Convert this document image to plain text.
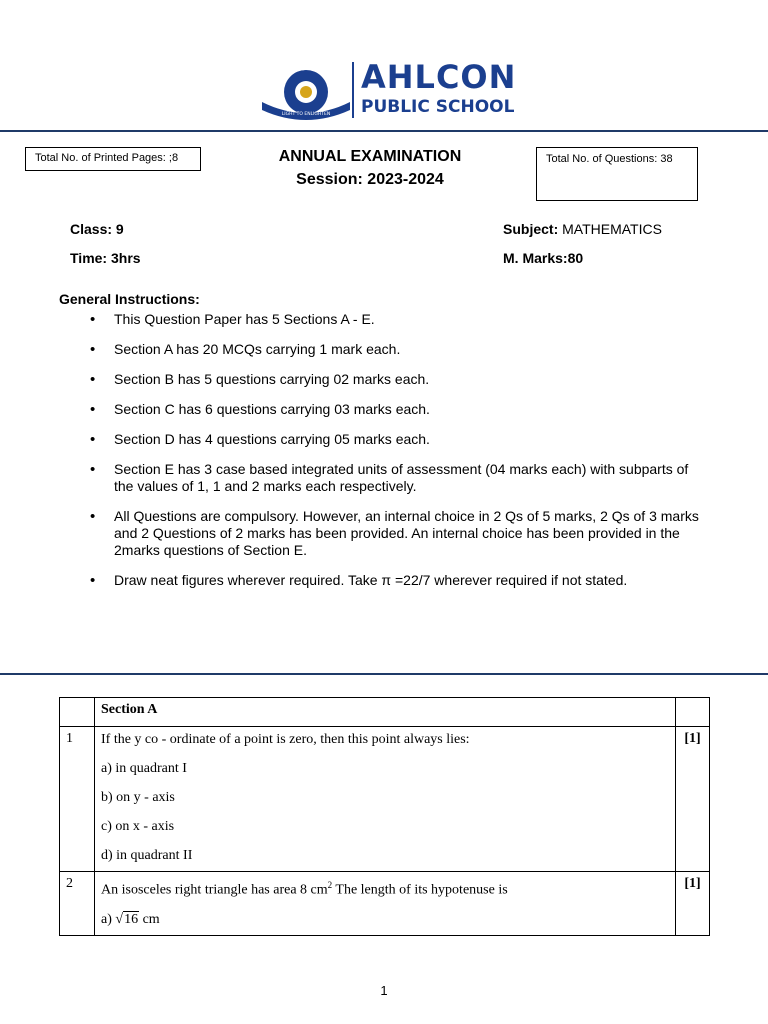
AHLCON PUBLIC SCHOOL
LIGHT TO ENLIGHTEN
AHLCON
PUBLIC SCHOOL
Total No. of Printed Pages: ;8	Total No. of Questions: 38
ANNUAL EXAMINATION
Session: 2023-2024
Class: 9	Subject: MATHEMATICS
Time: 3hrs	M. Marks:80
General Instructions:
• This Question Paper has 5 Sections A - E.
• Section A has 20 MCQs carrying 1 mark each.
• Section B has 5 questions carrying 02 marks each.
• Section C has 6 questions carrying 03 marks each.
• Section D has 4 questions carrying 05 marks each.
• Section E has 3 case based integrated units of assessment (04 marks each) with subparts of the values of 1, 1 and 2 marks each respectively.
• All Questions are compulsory. However, an internal choice in 2 Qs of 5 marks, 2 Qs of 3 marks and 2 Questions of 2 marks has been provided. An internal choice has been provided in the 2marks questions of Section E.
• Draw neat figures wherever required. Take π =22/7 wherever required if not stated.
	Section A	
1	If the y co - ordinate of a point is zero, then this point always lies:
a) in quadrant I
b) on y - axis
c) on x - axis
d) in quadrant II	[1]
2	An isosceles right triangle has area 8 $cm^2$ The length of its hypotenuse is
a) √16 cm	[1]
1
